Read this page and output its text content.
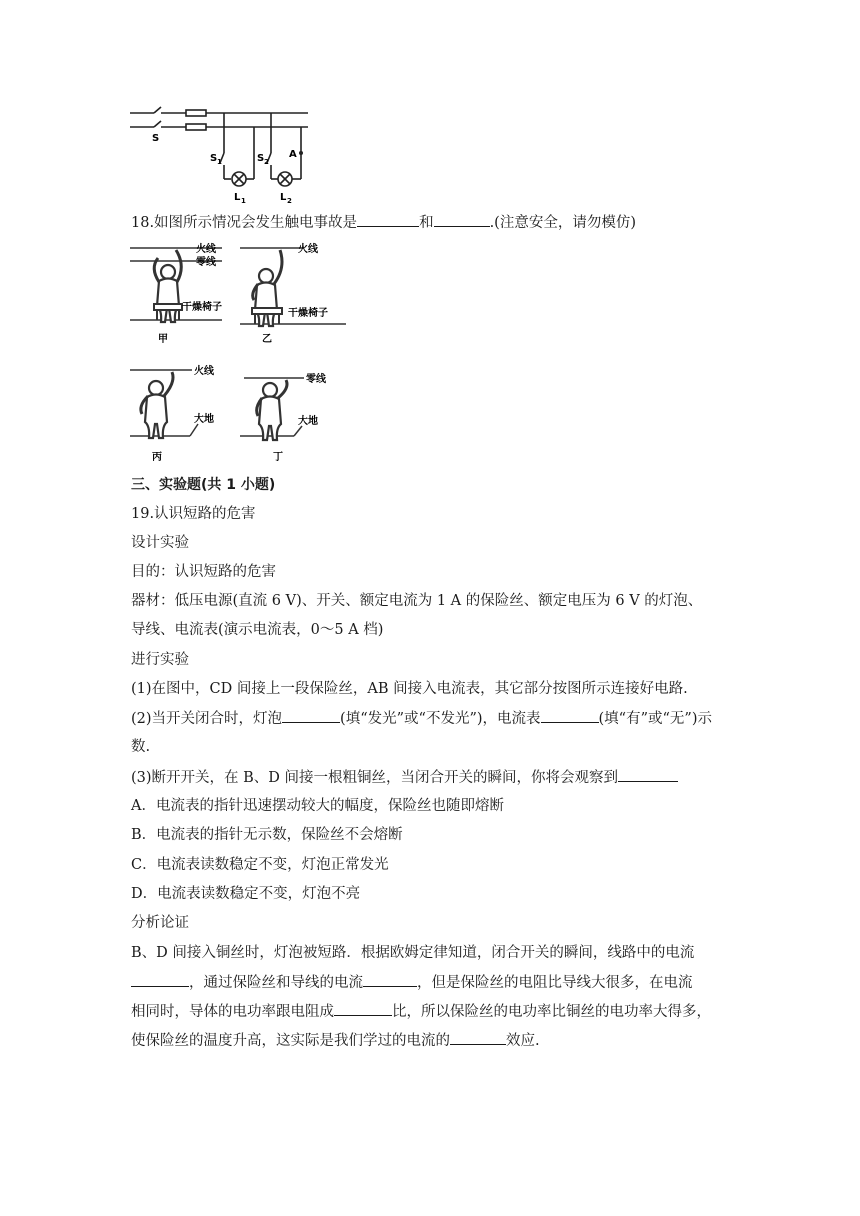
S
S 1	S 2
A
L 1	L 2
18.如图所示情况会发生触电事故是	和	.(注意安全，请勿模仿)
火线
零线
干燥椅子
甲
火线
干燥椅子
乙
火线
大地
丙
零线
大地
丁
三、实验题(共 1 小题)
19.认识短路的危害
设计实验
目的：认识短路的危害
器材：低压电源(直流 6 V)、开关、额定电流为 1 A 的保险丝、额定电压为 6 V 的灯泡、
导线、电流表(演示电流表，0～5 A 档)
进行实验
(1)在图中，CD 间接上一段保险丝，AB 间接入电流表，其它部分按图所示连接好电路.
(2)当开关闭合时，灯泡	(填“发光”或“不发光”)，电流表	(填“有”或“无”)示
数.
(3)断开开关，在 B、D 间接一根粗铜丝，当闭合开关的瞬间，你将会观察到
A．电流表的指针迅速摆动较大的幅度，保险丝也随即熔断
B．电流表的指针无示数，保险丝不会熔断
C．电流表读数稳定不变，灯泡正常发光
D．电流表读数稳定不变，灯泡不亮
分析论证
B、D 间接入铜丝时，灯泡被短路．根据欧姆定律知道，闭合开关的瞬间，线路中的电流
，通过保险丝和导线的电流	，但是保险丝的电阻比导线大很多，在电流
相同时，导体的电功率跟电阻成	比，所以保险丝的电功率比铜丝的电功率大得多，
使保险丝的温度升高，这实际是我们学过的电流的	效应.
